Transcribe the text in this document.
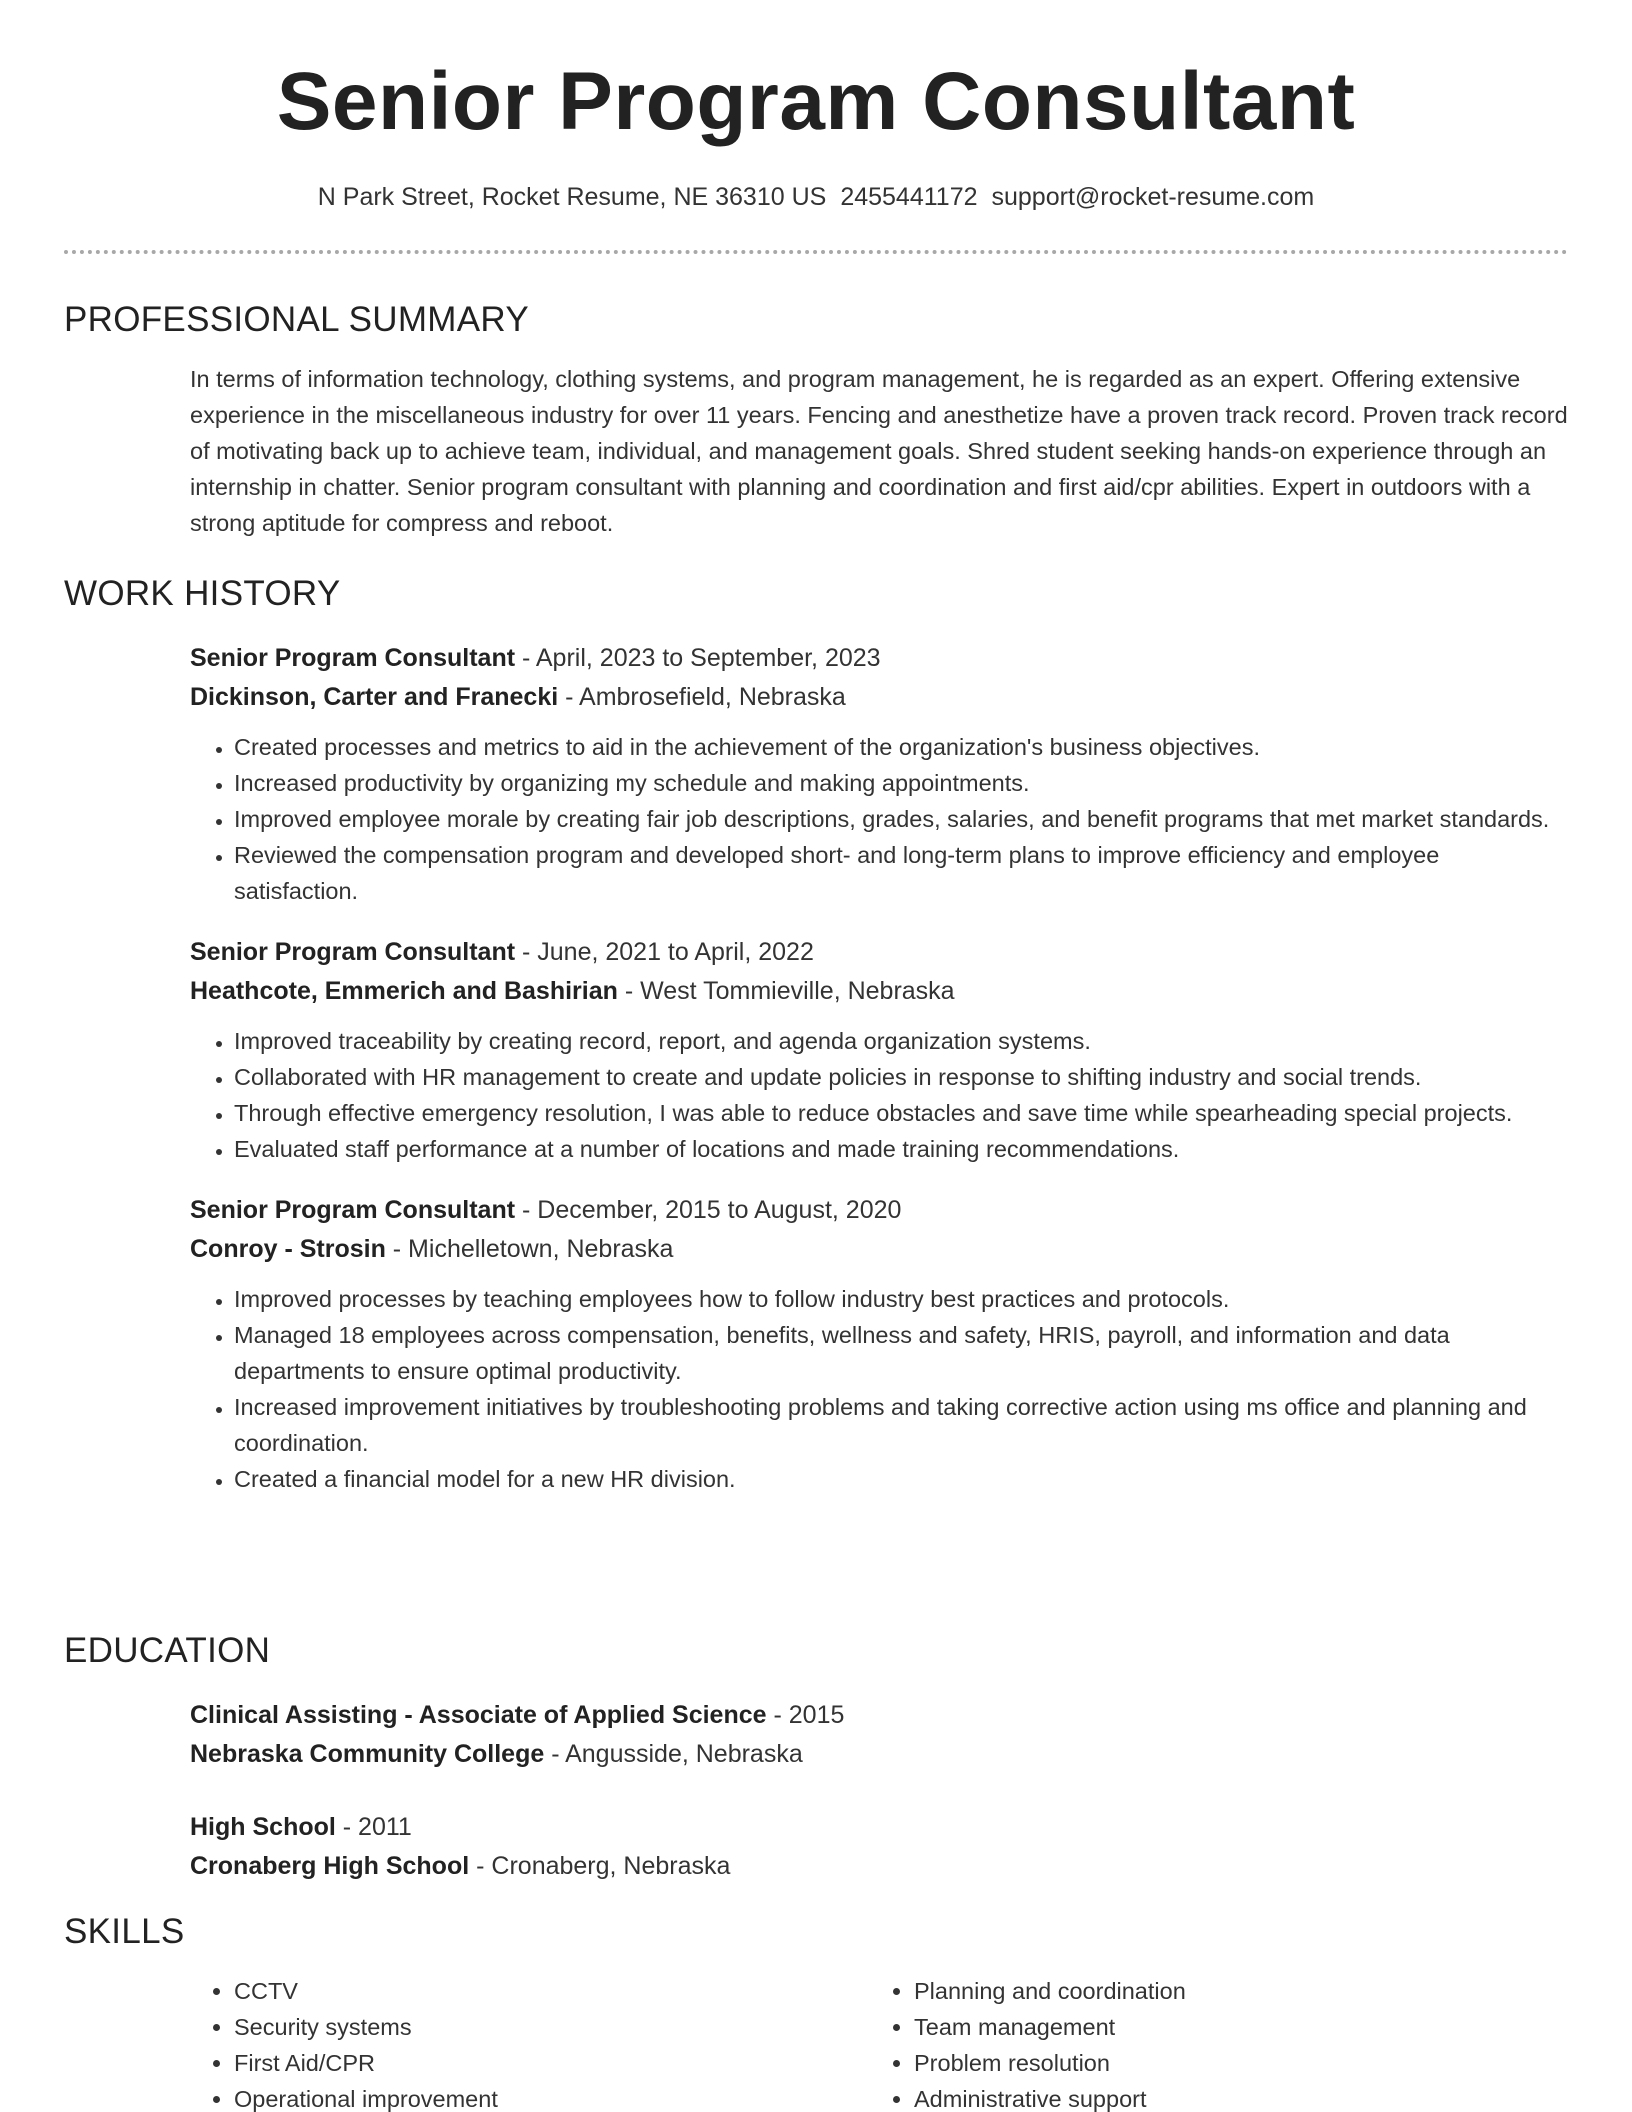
Senior Program Consultant
N Park Street, Rocket Resume, NE 36310 US 2455441172 support@rocket-resume.com
PROFESSIONAL SUMMARY

In terms of information technology, clothing systems, and program management, he is regarded as an expert. Offering extensive experience in the miscellaneous industry for over 11 years. Fencing and anesthetize have a proven track record. Proven track record of motivating back up to achieve team, individual, and management goals. Shred student seeking hands-on experience through an internship in chatter. Senior program consultant with planning and coordination and first aid/cpr abilities. Expert in outdoors with a strong aptitude for compress and reboot.

WORK HISTORY
Senior Program Consultant - April, 2023 to September, 2023
Dickinson, Carter and Franecki - Ambrosefield, Nebraska
• Created processes and metrics to aid in the achievement of the organization's business objectives.
• Increased productivity by organizing my schedule and making appointments.
• Improved employee morale by creating fair job descriptions, grades, salaries, and benefit programs that met market standards.
• Reviewed the compensation program and developed short- and long-term plans to improve efficiency and employee satisfaction.
Senior Program Consultant - June, 2021 to April, 2022
Heathcote, Emmerich and Bashirian - West Tommieville, Nebraska
• Improved traceability by creating record, report, and agenda organization systems.
• Collaborated with HR management to create and update policies in response to shifting industry and social trends.
• Through effective emergency resolution, I was able to reduce obstacles and save time while spearheading special projects.
• Evaluated staff performance at a number of locations and made training recommendations.
Senior Program Consultant - December, 2015 to August, 2020
Conroy - Strosin - Michelletown, Nebraska
• Improved processes by teaching employees how to follow industry best practices and protocols.
• Managed 18 employees across compensation, benefits, wellness and safety, HRIS, payroll, and information and data departments to ensure optimal productivity.
• Increased improvement initiatives by troubleshooting problems and taking corrective action using ms office and planning and coordination.
• Created a financial model for a new HR division.
EDUCATION
Clinical Assisting - Associate of Applied Science - 2015
Nebraska Community College - Angusside, Nebraska
High School - 2011
Cronaberg High School - Cronaberg, Nebraska
SKILLS
• CCTV
• Security systems
• First Aid/CPR
• Operational improvement
• Planning and coordination
• Team management
• Problem resolution
• Administrative support
